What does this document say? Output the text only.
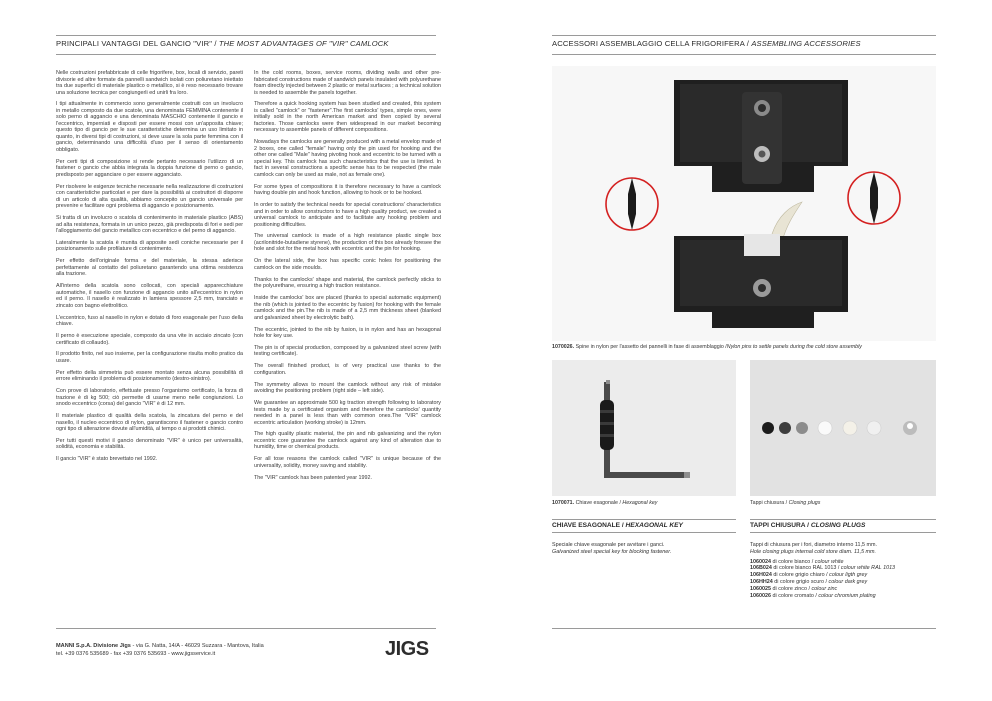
PRINCIPALI VANTAGGI DEL GANCIO "VIR" / THE MOST ADVANTAGES OF "VIR" CAMLOCK

Nelle costruzioni prefabbricate di celle frigorifere, box, locali di servizio, pareti divisorie ed altre formate da pannelli sandwich isolati con poliuretano iniettato tra due superfici di materiale plastico o metallico, si è reso necessario trovare una soluzione tecnica per congiungerli ed unirli fra loro.

I tipi attualmente in commercio sono generalmente costruiti con un involucro in metallo composto da due scatole, una denominata FEMMINA contenente il solo perno di aggancio e una denominata MASCHIO contenente il gancio e l'eccentrico, imperniati e disposti per essere mossi con un'apposita chiave; questo tipo di gancio per le sue caratteristiche determina un uso limitato in quanto, in diversi tipi di costruzioni, si deve usare la sola parte femmina con il gancio, determinando una difficoltà d'uso per il senso di orientamento obbligato.

Per certi tipi di composizione si rende pertanto necessario l'utilizzo di un fastener o gancio che abbia integrata la doppia funzione di perno o gancio, predisposto per agganciare o per essere agganciato.

Per risolvere le esigenze tecniche necessarie nella realizzazione di costruzioni con caratteristiche particolari e per dare la possibilità ai costruttori di disporre di un articolo di alta qualità, abbiamo concepito un gancio universale per prevenire e facilitare ogni problema di aggancio e posizionamento.

Si tratta di un involucro o scatola di contenimento in materiale plastico (ABS) ad alta resistenza, formata in un unico pezzo, già predisposta di fori e sedi per l'alloggiamento del gancio metallico con eccentrico e del perno di aggancio.

Lateralmente la scatola è munita di apposite sedi coniche necessarie per il posizionamento sulle profilature di contenimento.

Per effetto dell'originale forma e del materiale, la stessa aderisce perfettamente al contatto del poliuretano garantendo una ottima resistenza alla trazione.

All'interno della scatola sono collocati, con speciali apparecchiature automatiche, il nasello con funzione di aggancio unito all'eccentrico in nylon ed il perno. Il nasello è realizzato in lamiera spessore 2,5 mm, tranciato e zincato con bagno elettrolitico.

L'eccentrico, fuso al nasello in nylon e dotato di foro esagonale per l'uso della chiave.

Il perno è esecuzione speciale, composto da una vite in acciaio zincato (con certificato di collaudo).

Il prodotto finito, nel suo insieme, per la configurazione risulta molto pratico da usare.

Per effetto della simmetria può essere montato senza alcuna possibilità di errore eliminando il problema di posizionamento (destro-sinistro).

Con prove di laboratorio, effettuate presso l'organismo certificato, la forza di trazione è di kg 500; ciò permette di usarne meno nelle congiunzioni. Lo snodo eccentrico (corsa) del gancio "VIR" è di 12 mm.

Il materiale plastico di qualità della scatola, la zincatura del perno e del nasello, il nucleo eccentrico di nylon, garantiscono il fastener o gancio contro ogni tipo di alterazione dovute all'umidità, al tempo o ai prodotti chimici.

Per tutti questi motivi il gancio denominato "VIR" è unico per universalità, solidità, economia e stabilità.

Il gancio "VIR" è stato brevettato nel 1992.

In the cold rooms, boxes, service rooms, dividing walls and other pre-fabricated constructions made of sandwich panels insulated with polyurethane foam directly injected between 2 plastic or metal surfaces ; a technical solution is needed to assemble the panels together.

Therefore a quick hooking system has been studied and created, this system is called "camlock" or "fastener".The first camlocks' types, simple ones, were initially sold in the north American market and then copied by several factories. Those camlocks were then widespread in our market becoming necessary to assemble panels of different compositions.

Nowadays the camlocks are generally produced with a metal envelop made of 2 boxes, one called "female" having only the pin used for hooking and the other one called "Male" having pivoting hook and eccentric to be turned with a special key. This camlock has such characteristics that the use is limited. In fact in several constructions a specific sense has to be respected (the male camlock can only be used as male, not as female one).

For some types of compositions it is therefore necessary to have a camlock having double pin and hook function, allowing to hook or to be hooked.

In order to satisfy the technical needs for special constructions' characteristics and in order to allow constructors to have a high quality product, we created a universal camlock to anticipate and to facilitate any hooking problem and positioning difficulties.

The universal camlock is made of a high resistance plastic single box (acrilonitride-butadiene styrene), the production of this box already foresee the hole and slot for the metal hook with eccentric and the pin for hooking.

On the lateral side, the box has specific conic holes for positioning the camlock on the side moulds.

Thanks to the camlocks' shape and material, the camlock perfectly sticks to the polyurethane, ensuring a high traction resistance.

Inside the camlocks' box are placed (thanks to special automatic equipment) the nib (which is jointed to the eccentric by fusion) for hooking with the female camlock and the pin.The nib is made of a 2,5 mm thickness sheet (blanked and galvanized sheet by electrolytic bath).

The eccentric, jointed to the nib by fusion, is in nylon and has an hexagonal hole for key use.

The pin is of special production, composed by a galvanized steel screw (with testing certificate).

The overall finished product, is of very practical use thanks to the configuration.

The symmetry allows to mount the camlock without any risk of mistake avoiding the positioning problem (right side – left side).

We guarantee an approximate 500 kg traction strength following to laboratory tests made by a certificated organism and therefore the camlocks' quantity needed in a panel is less than with common ones.The "VIR" camlock eccentric articulation (working stroke) is 12mm.

The high quality plastic material, the pin and nib galvanizing and the nylon eccentric core guarantee the camlock against any kind of alteration due to humidity, time or chemical products.

For all tose reasons the camlock called "VIR" is unique because of the universality, solidity, money saving and stability.

The "VIR" camlock has been patented year 1992.

MANNI S.p.A. Divisione Jigs - via G. Natta, 14/A - 46029 Suzzara - Mantova, Italia
tel. +39 0376 535689 - fax +39 0376 535693 - www.jigsservice.it	JIGS
ACCESSORI ASSEMBLAGGIO CELLA FRIGORIFERA / ASSEMBLING ACCESSORIES
1070026. Spine in nylon per l'assetto dei pannelli in fase di assemblaggio /Nylon pins to settle panels during the cold store assembly
1070071. Chiave esagonale / Hexagonal key	Tappi chiusura / Closing plugs
CHIAVE ESAGONALE / HEXAGONAL KEY
Speciale chiave esagonale per avvitare i ganci.
Galvanized steel special key for blocking fastener.
TAPPI CHIUSURA / CLOSING PLUGS
Tappi di chiusura per i fori, diametro interno 11,5 mm.
Hole closing plugs internal cold store diam. 11,5 mm.
1060024 di colore bianco / colour white
106B024 di colore bianco RAL 1013 / colour white RAL 1013
106H024 di colore grigio chiaro / colour ligth grey
106HH24 di colore grigio scuro / colour dark grey
1060025 di colore zinco / colour zinc
1060026 di colore cromato / colour chromium plating
